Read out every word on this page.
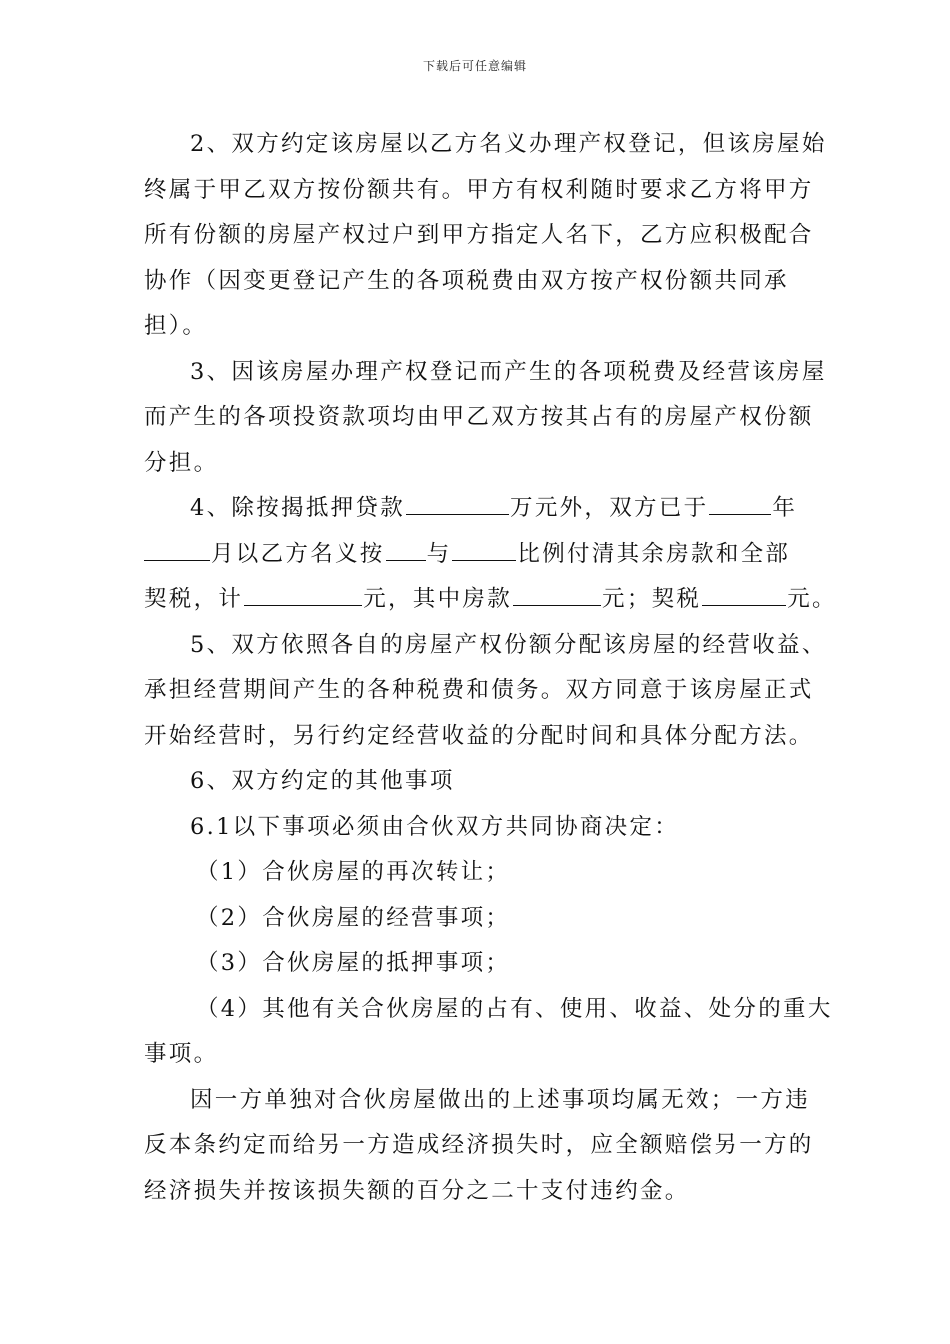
下载后可任意编辑
2、双方约定该房屋以乙方名义办理产权登记，但该房屋始
终属于甲乙双方按份额共有。甲方有权利随时要求乙方将甲方
所有份额的房屋产权过户到甲方指定人名下，乙方应积极配合
协作（因变更登记产生的各项税费由双方按产权份额共同承
担）。
3、因该房屋办理产权登记而产生的各项税费及经营该房屋
而产生的各项投资款项均由甲乙双方按其占有的房屋产权份额
分担。
4、除按揭抵押贷款	万元外，双方已于	年
月以乙方名义按 与	比例付清其余房款和全部
契税，计	元，其中房款	元；契税	元。
5、双方依照各自的房屋产权份额分配该房屋的经营收益、
承担经营期间产生的各种税费和债务。双方同意于该房屋正式
开始经营时，另行约定经营收益的分配时间和具体分配方法。
6、双方约定的其他事项
6.1以下事项必须由合伙双方共同协商决定：
（1）合伙房屋的再次转让；
（2）合伙房屋的经营事项；
（3）合伙房屋的抵押事项；
（4）其他有关合伙房屋的占有、使用、收益、处分的重大
事项。
因一方单独对合伙房屋做出的上述事项均属无效；一方违
反本条约定而给另一方造成经济损失时，应全额赔偿另一方的
经济损失并按该损失额的百分之二十支付违约金。
